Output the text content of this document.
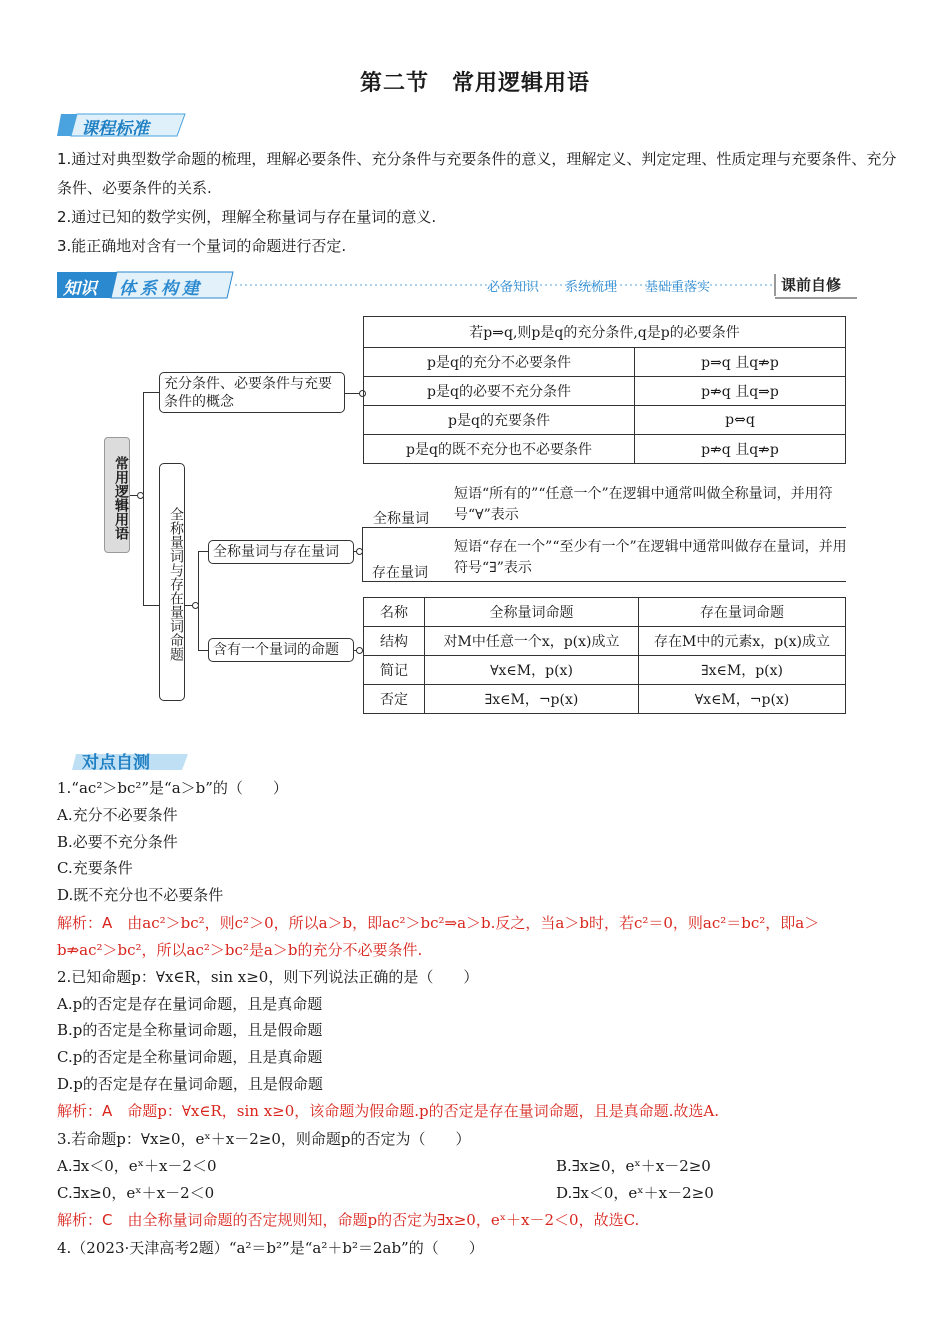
第二节　常用逻辑用语
课程标准
1.通过对典型数学命题的梳理，理解必要条件、充分条件与充要条件的意义，理解定义、判定定理、性质定理与充要条件、充分条件、必要条件的关系.
2.通过已知的数学实例，理解全称量词与存在量词的意义.
3.能正确地对含有一个量词的命题进行否定.
知识 体系构建	必备知识 系统梳理 基础重落实	课前自修
常用逻辑用语
充分条件、必要条件与充要条件的概念
若p⇒q,则p是q的充分条件,q是p的必要条件	
p是q的充分不必要条件	p⇒q 且q⇏p
p是q的必要不充分条件	p⇏q 且q⇒p
p是q的充要条件	p⇔q
p是q的既不充分也不必要条件	p⇏q 且q⇏p
全称量词与存在量词命题	全称量词与存在量词
全称量词
短语“所有的”“任意一个”在逻辑中通常叫做全称量词，并用符号“∀”表示
存在量词
短语“存在一个”“至少有一个”在逻辑中通常叫做存在量词，并用符号“∃”表示
含有一个量词的命题
名称	全称量词命题	存在量词命题
结构	对M中任意一个x，p(x)成立	存在M中的元素x，p(x)成立
简记	∀x∈M，p(x)	∃x∈M，p(x)
否定	∃x∈M，¬p(x)	∀x∈M，¬p(x)
对点自测
1.“ac²＞bc²”是“a＞b”的（　　）
A.充分不必要条件
B.必要不充分条件
C.充要条件
D.既不充分也不必要条件
解析：A　 由ac²＞bc²，则c²＞0，所以a＞b，即ac²＞bc²⇒a＞b.反之，当a＞b时，若c²＝0，则ac²＝bc²，即a＞
b⇏ac²＞bc²，所以ac²＞bc²是a＞b的充分不必要条件.
2.已知命题p：∀x∈R，sin x≥0，则下列说法正确的是（　　）
A.p的否定是存在量词命题，且是真命题
B.p的否定是全称量词命题，且是假命题
C.p的否定是全称量词命题，且是真命题
D.p的否定是存在量词命题，且是假命题
解析：A　 命题p：∀x∈R，sin x≥0，该命题为假命题.p的否定是存在量词命题，且是真命题.故选A.
3.若命题p：∀x≥0，eˣ＋x－2≥0，则命题p的否定为（　　）
A.∃x＜0，eˣ＋x－2＜0	B.∃x≥0，eˣ＋x－2≥0
C.∃x≥0，eˣ＋x－2＜0	D.∃x＜0，eˣ＋x－2≥0
解析：C　 由全称量词命题的否定规则知，命题p的否定为∃x≥0，eˣ＋x－2＜0，故选C.
4.（2023·天津高考2题）“a²＝b²”是“a²＋b²＝2ab”的（　　）
